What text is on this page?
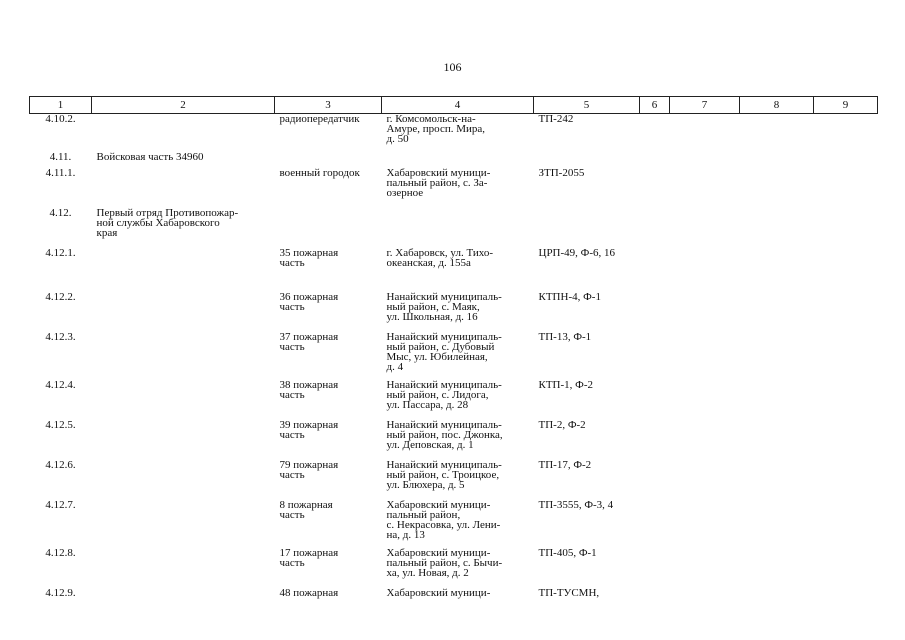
106
1	2	3	4	5	6	7	8	9
4.10.2.		радиопередатчик	г. Комсомольск-на-
Амуре, просп. Мира,
д. 50	ТП-242				

4.11.	Войсковая часть 34960							

4.11.1.		военный городок	Хабаровский муници-
пальный район, с. За-
озерное	ЗТП-2055				

4.12.	Первый отряд Противопожар-
ной службы Хабаровского
края							

4.12.1.		35 пожарная
часть	г. Хабаровск, ул. Тихо-
океанская, д. 155а	ЦРП-49, Ф-6, 16				

4.12.2.		36 пожарная
часть	Нанайский муниципаль-
ный район, с. Маяк,
ул. Школьная, д. 16	КТПН-4, Ф-1				

4.12.3.		37 пожарная
часть	Нанайский муниципаль-
ный район, с. Дубовый
Мыс, ул. Юбилейная,
д. 4	ТП-13, Ф-1				

4.12.4.		38 пожарная
часть	Нанайский муниципаль-
ный район, с. Лидога,
ул. Пассара, д. 28	КТП-1, Ф-2				

4.12.5.		39 пожарная
часть	Нанайский муниципаль-
ный район, пос. Джонка,
ул. Деповская, д. 1	ТП-2, Ф-2				

4.12.6.		79 пожарная
часть	Нанайский муниципаль-
ный район, с. Троицкое,
ул. Блюхера, д. 5	ТП-17, Ф-2				

4.12.7.		8 пожарная
часть	Хабаровский муници-
пальный район,
с. Некрасовка, ул. Лени-
на, д. 13	ТП-3555, Ф-3, 4				

4.12.8.		17 пожарная
часть	Хабаровский муници-
пальный район, с. Бычи-
ха, ул. Новая, д. 2	ТП-405, Ф-1				

4.12.9.		48 пожарная	Хабаровский муници-	ТП-ТУСМН,				
